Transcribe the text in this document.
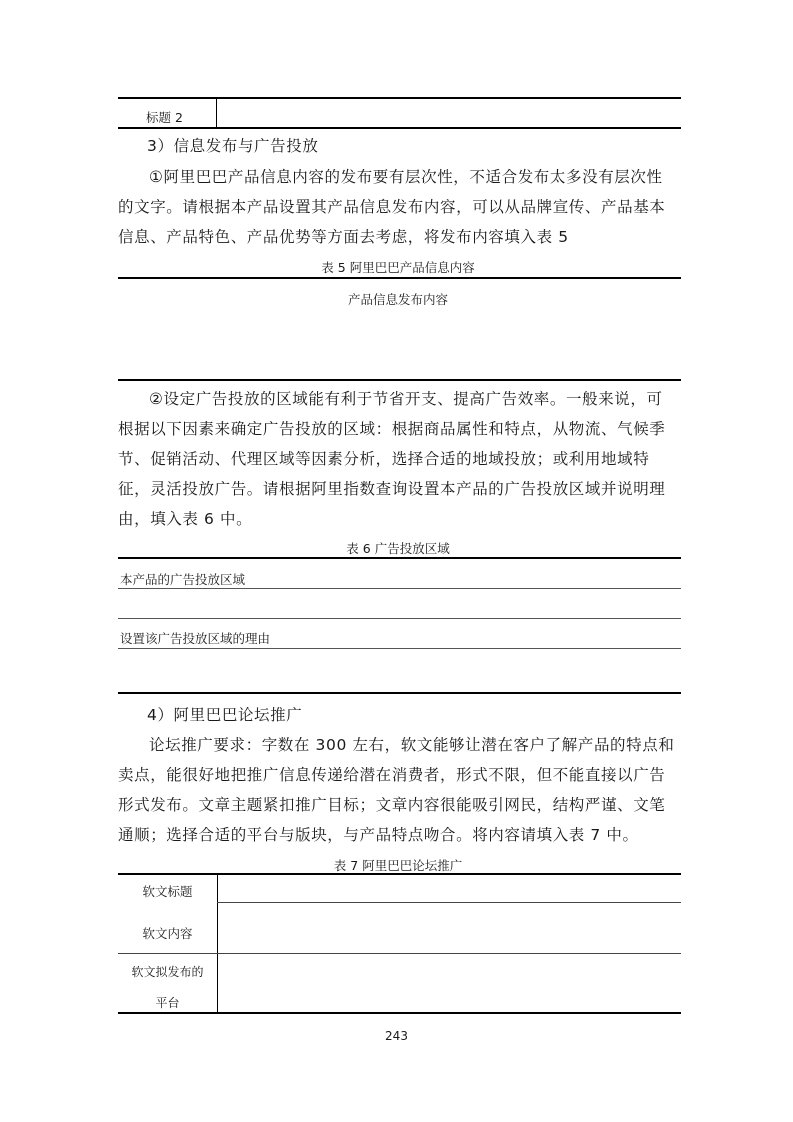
标题 2
3）信息发布与广告投放
①阿里巴巴产品信息内容的发布要有层次性，不适合发布太多没有层次性的文字。请根据本产品设置其产品信息发布内容，可以从品牌宣传、产品基本信息、产品特色、产品优势等方面去考虑，将发布内容填入表 5
表 5 阿里巴巴产品信息内容
产品信息发布内容
②设定广告投放的区域能有利于节省开支、提高广告效率。一般来说，可根据以下因素来确定广告投放的区域：根据商品属性和特点，从物流、气候季节、促销活动、代理区域等因素分析，选择合适的地域投放；或利用地域特征，灵活投放广告。请根据阿里指数查询设置本产品的广告投放区域并说明理由，填入表 6 中。
表 6 广告投放区域
本产品的广告投放区域
设置该广告投放区域的理由
4）阿里巴巴论坛推广
论坛推广要求：字数在 300 左右，软文能够让潜在客户了解产品的特点和卖点，能很好地把推广信息传递给潜在消费者，形式不限，但不能直接以广告形式发布。文章主题紧扣推广目标；文章内容很能吸引网民，结构严谨、文笔通顺；选择合适的平台与版块，与产品特点吻合。将内容请填入表 7 中。
表 7 阿里巴巴论坛推广
软文标题
软文内容
软文拟发布的
平台
243
